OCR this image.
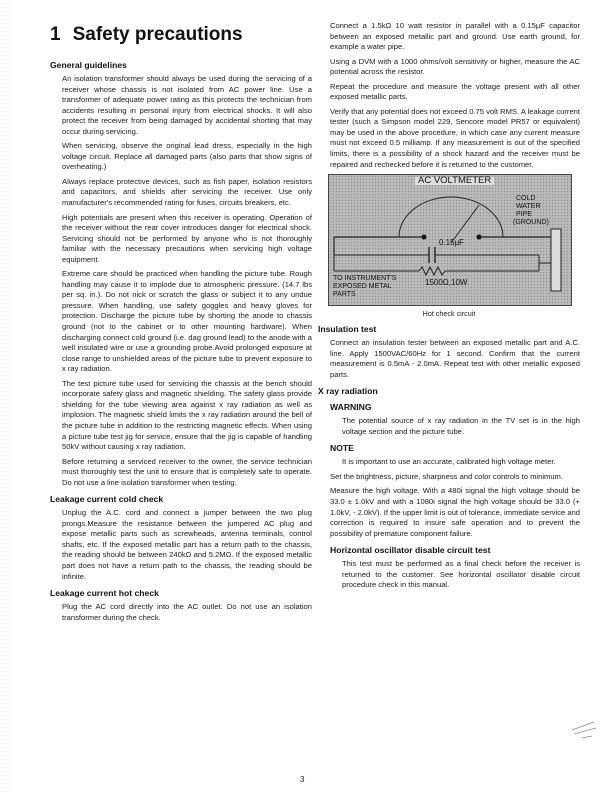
1 Safety precautions
General guidelines

An isolation transformer should always be used during the servicing of a receiver whose chassis is not isolated from AC power line. Use a transformer of adequate power rating as this protects the technician from accidents resulting in personal injury from electrical shocks. It will also protect the receiver from being damaged by accidental shorting that may occur during servicing.

When servicing, observe the original lead dress, especially in the high voltage circuit. Replace all damaged parts (also parts that show signs of overheating.)

Always replace protective devices, such as fish paper, isolation resistors and capacitors, and shields after servicing the receiver. Use only manufacturer's recommended rating for fuses, circuits breakers, etc.

High potentials are present when this receiver is operating. Operation of the receiver without the rear cover introduces danger for electrical shock. Servicing should not be performed by anyone who is not thoroughly familiar with the necessary precautions when servicing high voltage equipment.

Extreme care should be practiced when handling the picture tube. Rough handling may cause it to implode due to atmospheric pressure. (14.7 lbs per sq. in.). Do not nick or scratch the glass or subject it to any undue pressure. When handling, use safety goggles and heavy gloves for protection. Discharge the picture tube by shorting the anode to chassis ground (not to the cabinet or to other mounting hardware). When discharging connect cold ground (i.e. dag ground lead) to the anode with a well insulated wire or use a grounding probe.Avoid prolonged exposure at close range to unshielded areas of the picture tube to prevent exposure to x ray radiation.

The test picture tube used for servicing the chassis at the bench should incorporate safety glass and magnetic shielding. The safety glass provide shielding for the tube viewing area against x ray radiation as well as implosion. The magnetic shield limits the x ray radiation around the bell of the picture tube in addition to the restricting magnetic effects. When using a picture tube test jig for service, ensure that the jig is capable of handling 50kV without causing x ray radiation.

Before returning a serviced receiver to the owner, the service technician must thoroughly test the unit to ensure that is completely safe to operate. Do not use a line isolation transformer when testing.

Leakage current cold check

Unplug the A.C. cord and connect a jumper between the two plug prongs.Measure the resistance between the jumpered AC plug and expose metallic parts such as screwheads, antenna terminals, control shafts, etc. If the exposed metallic part has a return path to the chassis, the reading should be between 240kΩ and 5.2MΩ. If the exposed metallic part does not have a return path to the chassis, the reading should be infinite.

Leakage current hot check

Plug the AC cord directly into the AC outlet. Do not use an isolation transformer during the check.

Connect a 1.5kΩ 10 watt resistor in parallel with a 0.15µF capacitor between an exposed metallic part and ground. Use earth ground, for example a water pipe.

Using a DVM with a 1000 ohms/volt sensitivity or higher, measure the AC potential across the resistor.

Repeat the procedure and measure the voltage present with all other exposed metallic parts.

Verify that any potential does not exceed 0.75 volt RMS. A leakage current tester (such a Simpson model 229, Sencore model PR57 or equivalent) may be used in the above procedure, in which case any current measure must not exceed 0.5 milliamp. If any measurement is out of the specified limits, there is a possibility of a shock hazard and the receiver must be repaired and rechecked before it is returned to the customer.

AC VOLTMETER
COLD
WATER
PIPE
(GROUND)
0.15µF
TO INSTRUMENT'S
EXPOSED METAL
PARTS
1500Ω,10W
Hot check circuit
Insulation test

Connect an insulation tester between an exposed metallic part and A.C. line. Apply 1500VAC/60Hz for 1 second. Confirm that the current measurement is 0.5mA - 2.0mA. Repeat test with other metallic exposed parts.

X ray radiation
WARNING

The potential source of x ray radiation in the TV set is in the high voltage section and the picture tube.

NOTE

It is important to use an accurate, calibrated high voltage meter.

Set the brightness, picture, sharpness and color controls to minimum.

Measure the high voltage. With a 480i signal the high voltage should be 33.0 ± 1.0kV and with a 1080i signal the high voltage should be 33.0 (+ 1.0kV, - 2.0kV). If the upper limit is out of tolerance, immediate service and correction is required to insure safe operation and to prevent the possibility of premature component failure.

Horizontal oscillator disable circuit test

This test must be performed as a final check before the receiver is returned to the customer. See horizontal oscillator disable circuit procedure check in this manual.

3
